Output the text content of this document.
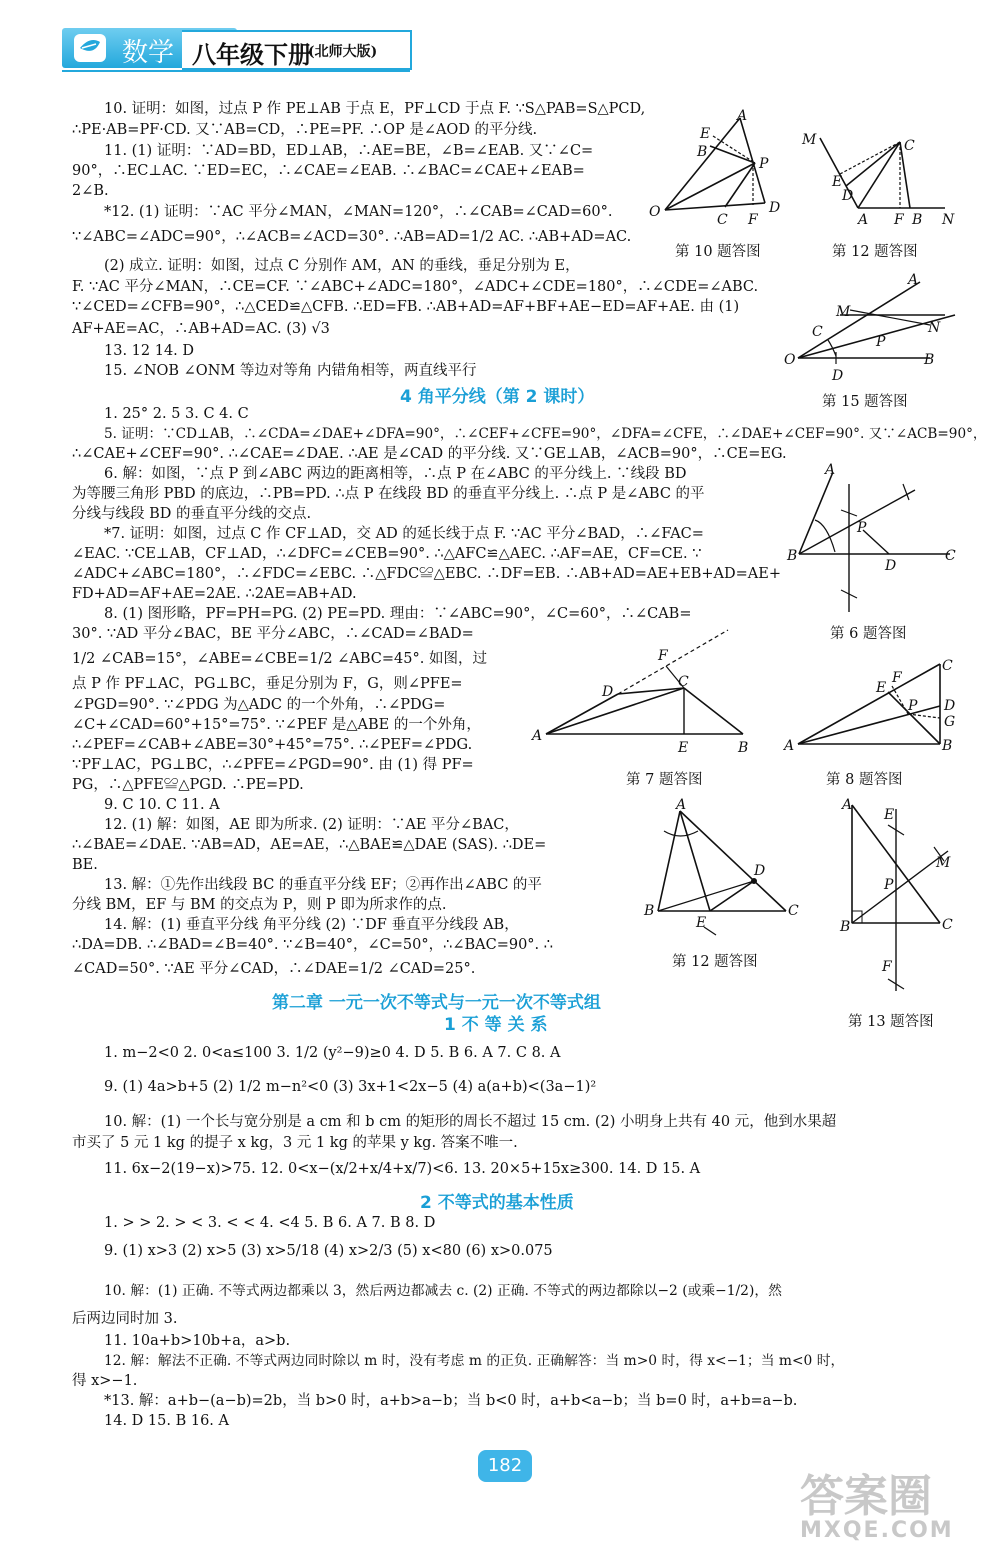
数学 八年级下册
(北师大版)
10. 证明：如图，过点 P 作 PE⊥AB 于点 E，PF⊥CD 于点 F. ∵S△PAB=S△PCD,
∴PE·AB=PF·CD. 又∵AB=CD，∴PE=PF. ∴OP 是∠AOD 的平分线.
11. (1) 证明：∵AD=BD，ED⊥AB，∴AE=BE，∠B=∠EAB. 又∵∠C=
90°，∴EC⊥AC. ∵ED=EC，∴∠CAE=∠EAB. ∴∠BAC=∠CAE+∠EAB=
2∠B.
*12. (1) 证明：∵AC 平分∠MAN，∠MAN=120°，∴∠CAB=∠CAD=60°.
∵∠ABC=∠ADC=90°，∴∠ACB=∠ACD=30°. ∴AB=AD=1/2 AC. ∴AB+AD=AC.
(2) 成立. 证明：如图，过点 C 分别作 AM，AN 的垂线，垂足分别为 E，
F. ∵AC 平分∠MAN，∴CE=CF. ∵∠ABC+∠ADC=180°，∠ADC+∠CDE=180°，∴∠CDE=∠ABC.
∵∠CED=∠CFB=90°，∴△CED≌△CFB. ∴ED=FB. ∴AB+AD=AF+BF+AE−ED=AF+AE. 由 (1)
AF+AE=AC，∴AB+AD=AC. (3) √3
13. 12 14. D
15. ∠NOB ∠ONM 等边对等角 内错角相等，两直线平行
4 角平分线（第 2 课时）
1. 25° 2. 5 3. C 4. C
5. 证明：∵CD⊥AB，∴∠CDA=∠DAE+∠DFA=90°，∴∠CEF+∠CFE=90°，∠DFA=∠CFE，∴∠DAE+∠CEF=90°. 又∵∠ACB=90°，
∴∠CAE+∠CEF=90°. ∴∠CAE=∠DAE. ∴AE 是∠CAD 的平分线. 又∵GE⊥AB，∠ACB=90°，∴CE=EG.
6. 解：如图，∵点 P 到∠ABC 两边的距离相等，∴点 P 在∠ABC 的平分线上. ∵线段 BD
为等腰三角形 PBD 的底边，∴PB=PD. ∴点 P 在线段 BD 的垂直平分线上. ∴点 P 是∠ABC 的平
分线与线段 BD 的垂直平分线的交点.
*7. 证明：如图，过点 C 作 CF⊥AD，交 AD 的延长线于点 F. ∵AC 平分∠BAD，∴∠FAC=
∠EAC. ∵CE⊥AB，CF⊥AD，∴∠DFC=∠CEB=90°. ∴△AFC≌△AEC. ∴AF=AE，CF=CE. ∵
∠ADC+∠ABC=180°，∴∠FDC=∠EBC. ∴△FDC≌△EBC. ∴DF=EB. ∴AB+AD=AE+EB+AD=AE+
FD+AD=AF+AE=2AE. ∴2AE=AB+AD.
8. (1) 图形略，PF=PH=PG. (2) PE=PD. 理由：∵∠ABC=90°，∠C=60°，∴∠CAB=
30°. ∵AD 平分∠BAC，BE 平分∠ABC，∴∠CAD=∠BAD=
1/2 ∠CAB=15°，∠ABE=∠CBE=1/2 ∠ABC=45°. 如图，过
点 P 作 PF⊥AC，PG⊥BC，垂足分别为 F，G，则∠PFE=
∠PGD=90°. ∵∠PDG 为△ADC 的一个外角，∴∠PDG=
∠C+∠CAD=60°+15°=75°. ∵∠PEF 是△ABE 的一个外角，
∴∠PEF=∠CAB+∠ABE=30°+45°=75°. ∴∠PEF=∠PDG.
∵PF⊥AC，PG⊥BC，∴∠PFE=∠PGD=90°. 由 (1) 得 PF=
PG，∴△PFE≌△PGD. ∴PE=PD.
9. C 10. C 11. A
12. (1) 解：如图，AE 即为所求. (2) 证明：∵AE 平分∠BAC，
∴∠BAE=∠DAE. ∵AB=AD，AE=AE，∴△BAE≌△DAE (SAS). ∴DE=
BE.
13. 解：①先作出线段 BC 的垂直平分线 EF；②再作出∠ABC 的平
分线 BM，EF 与 BM 的交点为 P，则 P 即为所求作的点.
14. 解：(1) 垂直平分线 角平分线 (2) ∵DF 垂直平分线段 AB，
∴DA=DB. ∴∠BAD=∠B=40°. ∵∠B=40°，∠C=50°，∴∠BAC=90°. ∴
∠CAD=50°. ∵AE 平分∠CAD，∴∠DAE=1/2 ∠CAD=25°.
第二章 一元一次不等式与一元一次不等式组
1 不 等 关 系
1. m−2<0 2. 0<a≤100 3. 1/2 (y²−9)≥0 4. D 5. B 6. A 7. C 8. A
9. (1) 4a>b+5 (2) 1/2 m−n²<0 (3) 3x+1<2x−5 (4) a(a+b)<(3a−1)²
10. 解：(1) 一个长与宽分别是 a cm 和 b cm 的矩形的周长不超过 15 cm. (2) 小明身上共有 40 元，他到水果超
市买了 5 元 1 kg 的提子 x kg，3 元 1 kg 的苹果 y kg. 答案不唯一.
11. 6x−2(19−x)>75. 12. 0<x−(x/2+x/4+x/7)<6. 13. 20×5+15x≥300. 14. D 15. A
2 不等式的基本性质
1. > > 2. > < 3. < < 4. <4 5. B 6. A 7. B 8. D
9. (1) x>3 (2) x>5 (3) x>5/18 (4) x>2/3 (5) x<80 (6) x>0.075
10. 解：(1) 正确. 不等式两边都乘以 3，然后两边都减去 c. (2) 正确. 不等式的两边都除以−2 (或乘−1/2)，然
后两边同时加 3.
11. 10a+b>10b+a，a>b.
12. 解：解法不正确. 不等式两边同时除以 m 时，没有考虑 m 的正负. 正确解答：当 m>0 时，得 x<−1；当 m<0 时，
得 x>−1.
*13. 解：a+b−(a−b)=2b，当 b>0 时，a+b>a−b；当 b<0 时，a+b<a−b；当 b=0 时，a+b=a−b.
14. D 15. B 16. A
A
E
B
P
O	C F
D
第 10 题答图
M	C
E
D
A F B N
第 12 题答图
A
M
C	N
P
O
D
B
第 15 题答图
A
P
B
D
C
第 6 题答图
F
D
C
A
E	B
第 7 题答图
C
F
E
P D
G
A	B
第 8 题答图
A
D
B
E
C
第 12 题答图
A
E
M
P
B	C
F
第 13 题答图
182
答案圈
MXQE.COM
